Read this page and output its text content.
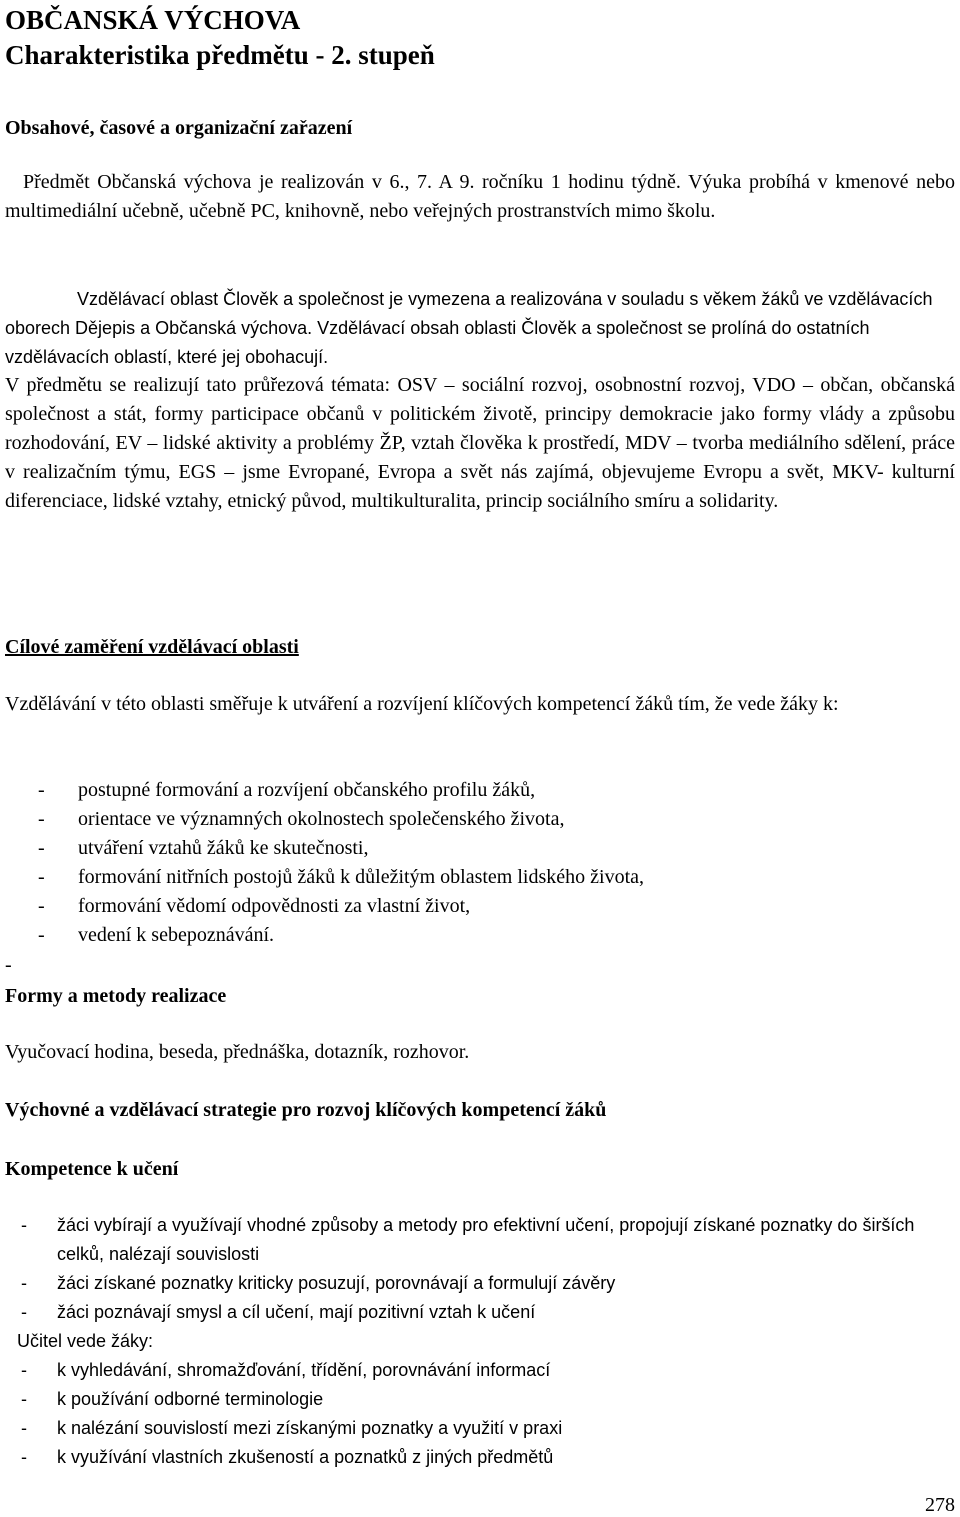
OBČANSKÁ VÝCHOVA
Charakteristika předmětu - 2. stupeň
Obsahové, časové a organizační zařazení
Předmět Občanská výchova je realizován v 6., 7. A 9. ročníku 1 hodinu týdně. Výuka probíhá v kmenové nebo multimediální učebně, učebně PC, knihovně, nebo veřejných prostranstvích mimo školu.
Vzdělávací oblast Člověk a společnost je vymezena a realizována v souladu s věkem žáků ve vzdělávacích oborech Dějepis a Občanská výchova. Vzdělávací obsah oblasti Člověk a společnost se prolíná do ostatních vzdělávacích oblastí, které jej obohacují.
V předmětu se realizují tato průřezová témata: OSV – sociální rozvoj, osobnostní rozvoj, VDO – občan, občanská společnost a stát, formy participace občanů v politickém životě, principy demokracie jako formy vlády a způsobu rozhodování, EV – lidské aktivity a problémy ŽP, vztah člověka k prostředí, MDV – tvorba mediálního sdělení, práce v realizačním týmu, EGS – jsme Evropané, Evropa a svět nás zajímá, objevujeme Evropu a svět, MKV- kulturní diferenciace, lidské vztahy, etnický původ, multikulturalita, princip sociálního smíru a solidarity.
Cílové zaměření vzdělávací oblasti
Vzdělávání v této oblasti směřuje k utváření a rozvíjení klíčových kompetencí žáků tím, že vede žáky k:
- postupné formování a rozvíjení občanského profilu žáků,
- orientace ve významných okolnostech společenského života,
- utváření vztahů žáků ke skutečnosti,
- formování nitřních postojů žáků k důležitým oblastem lidského života,
- formování vědomí odpovědnosti za vlastní život,
- vedení k sebepoznávání.
-
Formy a metody realizace
Vyučovací hodina, beseda, přednáška, dotazník, rozhovor.
Výchovné a vzdělávací strategie pro rozvoj klíčových kompetencí žáků
Kompetence k učení
- žáci vybírají a využívají vhodné způsoby a metody pro efektivní učení, propojují získané poznatky do širších celků, nalézají souvislosti
- žáci získané poznatky kriticky posuzují, porovnávají a formulují závěry
- žáci poznávají smysl a cíl učení, mají pozitivní vztah k učení
Učitel vede žáky:
- k vyhledávání, shromažďování, třídění, porovnávání informací
- k používání odborné terminologie
- k nalézání souvislostí mezi získanými poznatky a využití v praxi
- k využívání vlastních zkušeností a poznatků z jiných předmětů
278
